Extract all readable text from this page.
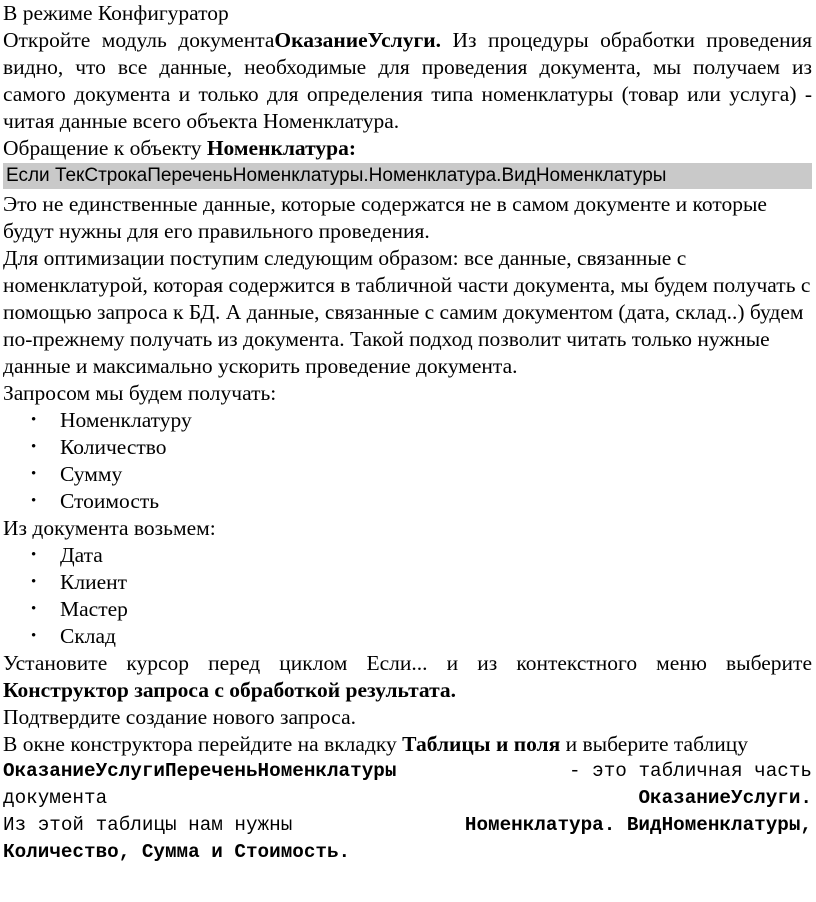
В режиме Конфигуратор

Откройте модуль документаОказаниеУслуги. Из процедуры обработки проведения видно, что все данные, необходимые для проведения документа, мы получаем из самого документа и только для определения типа номенклатуры (товар или услуга) - читая данные всего объекта Номенклатура.

Обращение к объекту Номенклатура:

Если ТекСтрокаПереченьНоменклатуры.Номенклатура.ВидНоменклатуры

Это не единственные данные, которые содержатся не в самом документе и которые будут нужны для его правильного проведения.

Для оптимизации поступим следующим образом: все данные, связанные с номенклатурой, которая содержится в табличной части документа, мы будем получать с помощью запроса к БД. А данные, связанные с самим документом (дата, склад..) будем по-прежнему получать из документа. Такой подход позволит читать только нужные данные и максимально ускорить проведение документа.

Запросом мы будем получать:

• Номенклатуру
• Количество
• Сумму
• Стоимость

Из документа возьмем:

• Дата
• Клиент
• Мастер
• Склад

Установите курсор перед циклом Если... и из контекстного меню выберите

Конструктор запроса с обработкой результата.

Подтвердите создание нового запроса.

В окне конструктора перейдите на вкладку Таблицы и поля и выберите таблицу

ОказаниеУслугиПереченьНоменклатуры	- это табличная часть
документа	ОказаниеУслуги.
Из этой таблицы нам нужны	Номенклатура. ВидНоменклатуры,
Количество, Сумма и Стоимость.
